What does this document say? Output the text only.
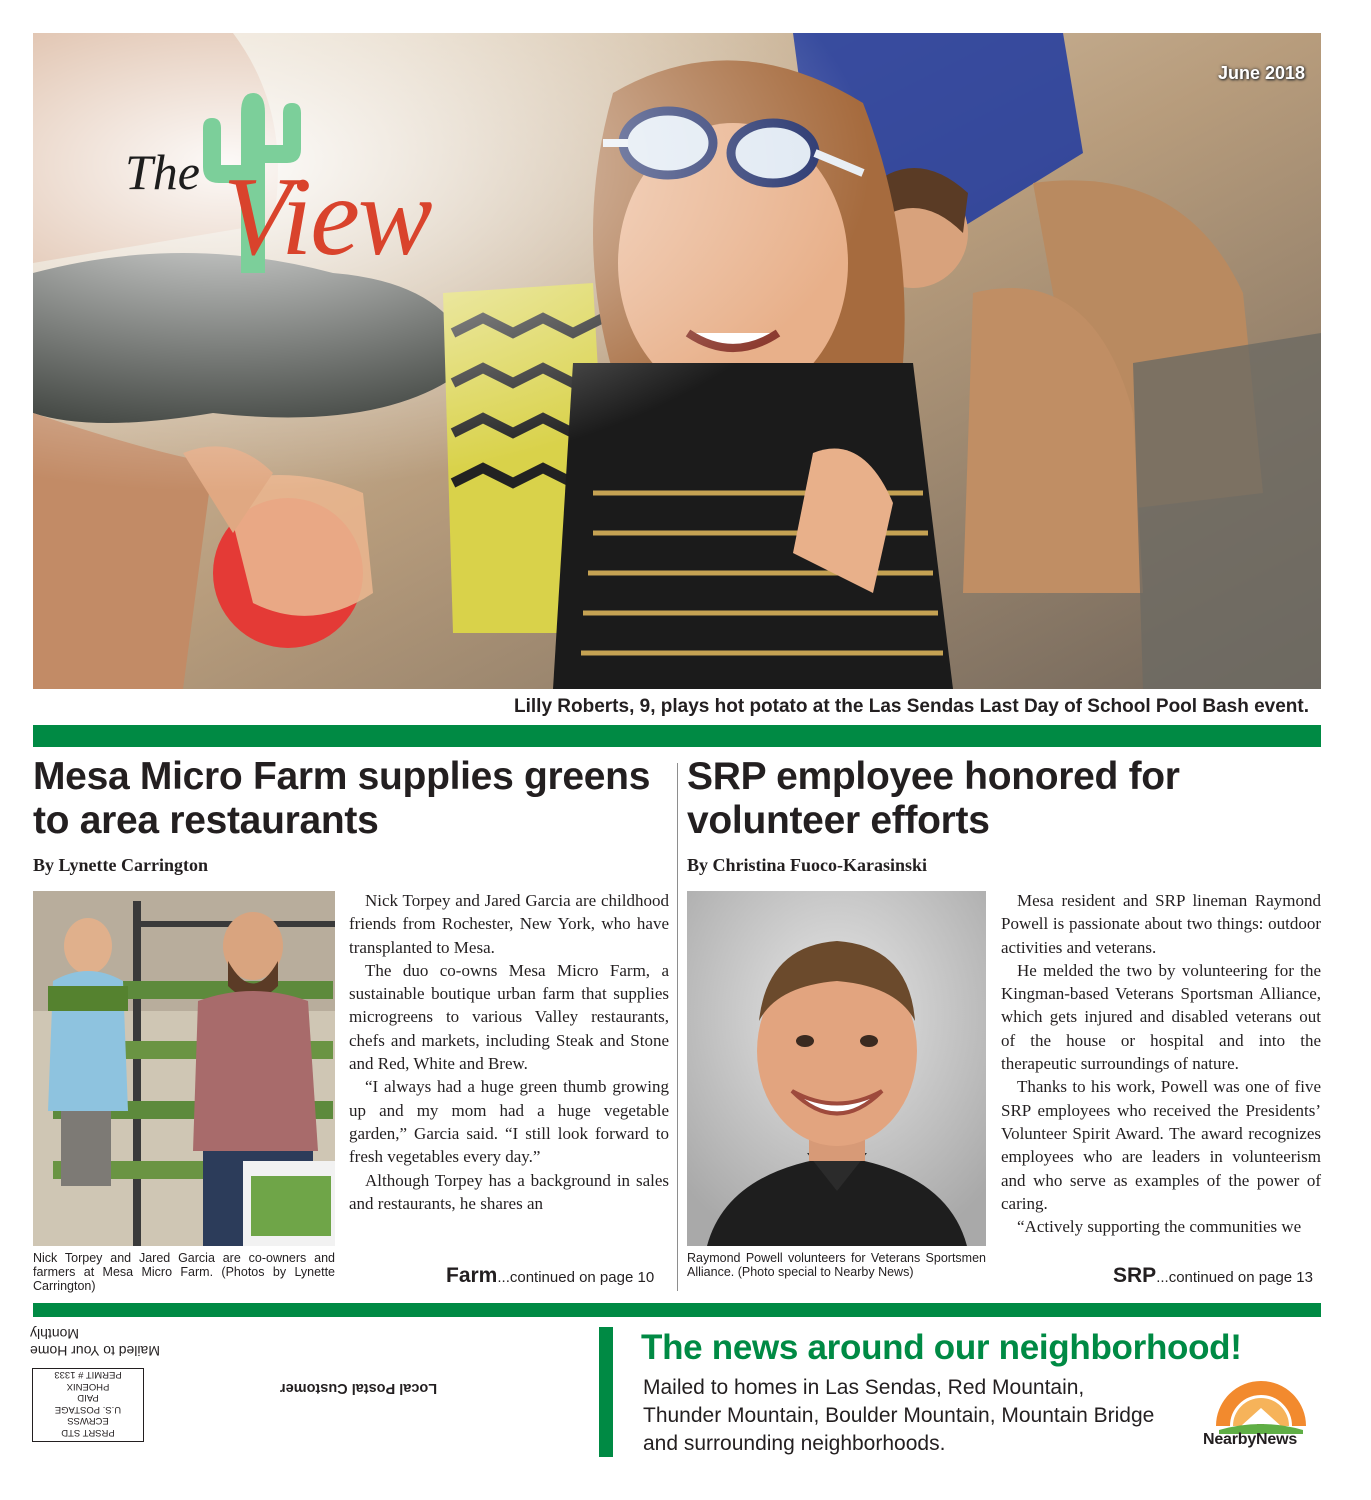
The View
June 2018
Lilly Roberts, 9, plays hot potato at the Las Sendas Last Day of School Pool Bash event.
Mesa Micro Farm supplies greens to area restaurants
By Lynette Carrington
Nick Torpey and Jared Garcia are co-owners and farmers at Mesa Micro Farm. (Photos by Lynette Carrington)

Nick Torpey and Jared Garcia are childhood friends from Rochester, New York, who have transplanted to Mesa.

The duo co-owns Mesa Micro Farm, a sustainable boutique urban farm that supplies microgreens to various Valley restaurants, chefs and markets, including Steak and Stone and Red, White and Brew.

“I always had a huge green thumb growing up and my mom had a huge vegetable garden,” Garcia said. “I still look forward to fresh vegetables every day.”

Although Torpey has a background in sales and restaurants, he shares an

Farm...continued on page 10
SRP employee honored for volunteer efforts
By Christina Fuoco-Karasinski
Raymond Powell volunteers for Veterans Sportsmen Alliance. (Photo special to Nearby News)

Mesa resident and SRP lineman Raymond Powell is passionate about two things: outdoor activities and veterans.

He melded the two by volunteering for the Kingman-based Veterans Sportsman Alliance, which gets injured and disabled veterans out of the house or hospital and into the therapeutic surroundings of nature.

Thanks to his work, Powell was one of five SRP employees who received the Presidents’ Volunteer Spirit Award. The award recognizes employees who are leaders in volunteerism and who serve as examples of the power of caring.

“Actively supporting the communities we

SRP...continued on page 13
Mailed to Your Home Monthly
PRSRT STD
ECRWSS
U.S. POSTAGE
PAID
PHOENIX
PERMIT # 1333
Local Postal Customer
The news around our neighborhood!
Mailed to homes in Las Sendas, Red Mountain, Thunder Mountain, Boulder Mountain, Mountain Bridge and surrounding neighborhoods.	NearbyNews
